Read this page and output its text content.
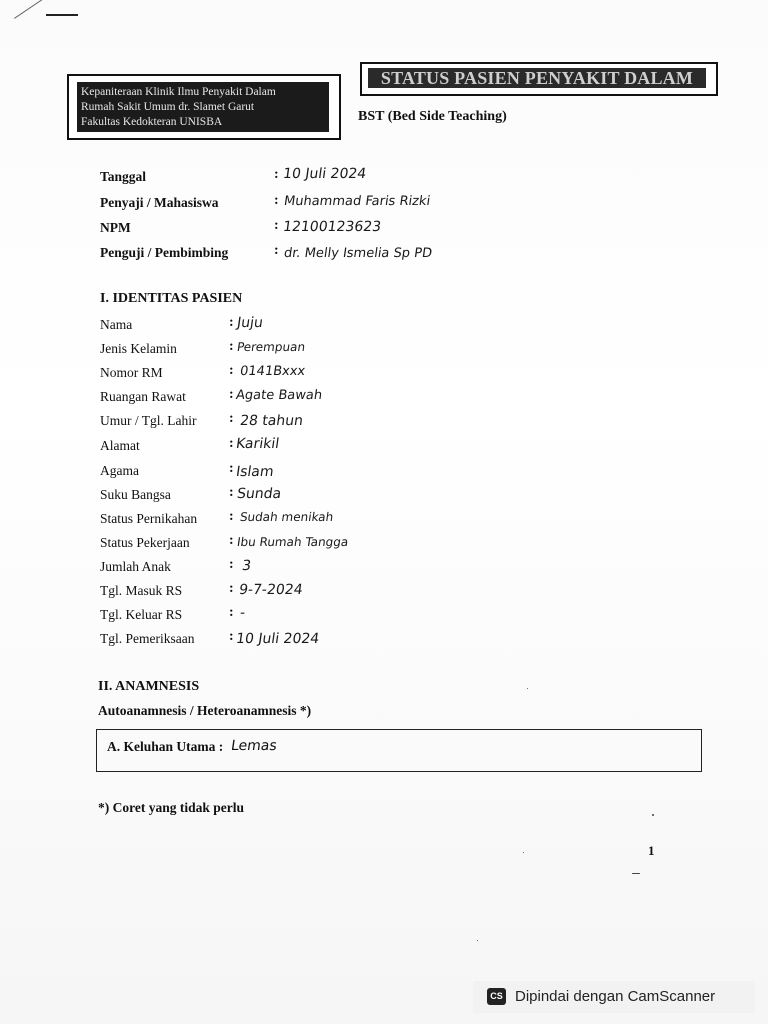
Kepaniteraan Klinik Ilmu Penyakit Dalam
Rumah Sakit Umum dr. Slamet Garut
Fakultas Kedokteran UNISBA
STATUS PASIEN PENYAKIT DALAM
BST (Bed Side Teaching)
Tanggal	: 10 Juli 2024
Penyaji / Mahasiswa	: Muhammad Faris Rizki
NPM	: 12100123623
Penguji / Pembimbing	: dr. Melly Ismelia Sp PD
I. IDENTITAS PASIEN
Nama	: Juju
Jenis Kelamin	: Perempuan
Nomor RM	: 0141Bxxx
Ruangan Rawat	: Agate Bawah
Umur / Tgl. Lahir : 28 tahun
Alamat	: Karikil
Agama	: Islam
Suku Bangsa	: Sunda
Status Pernikahan : Sudah menikah
Status Pekerjaan	: Ibu Rumah Tangga
Jumlah Anak	: 3
Tgl. Masuk RS	: 9-7-2024
Tgl. Keluar RS	: -
Tgl. Pemeriksaan : 10 Juli 2024
II. ANAMNESIS
Autoanamnesis / Heteroanamnesis *)
A. Keluhan Utama : Lemas
*) Coret yang tidak perlu
1
CS Dipindai dengan CamScanner
